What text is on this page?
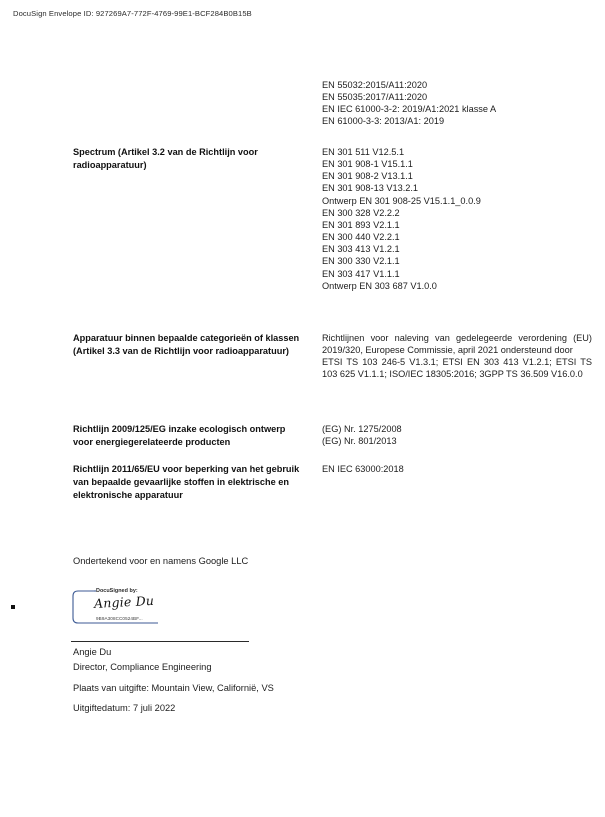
DocuSign Envelope ID: 927269A7-772F-4769-99E1-BCF284B0B15B
EN 55032:2015/A11:2020
EN 55035:2017/A11:2020
EN IEC 61000-3-2: 2019/A1:2021 klasse A
EN 61000-3-3: 2013/A1: 2019
Spectrum (Artikel 3.2 van de Richtlijn voor radioapparatuur)
EN 301 511 V12.5.1
EN 301 908-1 V15.1.1
EN 301 908-2 V13.1.1
EN 301 908-13 V13.2.1
Ontwerp EN 301 908-25 V15.1.1_0.0.9
EN 300 328 V2.2.2
EN 301 893 V2.1.1
EN 300 440 V2.2.1
EN 303 413 V1.2.1
EN 300 330 V2.1.1
EN 303 417 V1.1.1
Ontwerp EN 303 687 V1.0.0
Apparatuur binnen bepaalde categorieën of klassen (Artikel 3.3 van de Richtlijn voor radioapparatuur)
Richtlijnen voor naleving van gedelegeerde verordening (EU) 2019/320, Europese Commissie, april 2021 ondersteund door
ETSI TS 103 246-5 V1.3.1; ETSI EN 303 413 V1.2.1; ETSI TS 103 625 V1.1.1; ISO/IEC 18305:2016; 3GPP TS 36.509 V16.0.0
Richtlijn 2009/125/EG inzake ecologisch ontwerp voor energiegerelateerde producten
(EG) Nr. 1275/2008
(EG) Nr. 801/2013
Richtlijn 2011/65/EU voor beperking van het gebruik van bepaalde gevaarlijke stoffen in elektrische en elektronische apparatuur
EN IEC 63000:2018
Ondertekend voor en namens Google LLC
DocuSigned by:
Angie Du
9B9A308CC0524BF...
Angie Du
Director, Compliance Engineering
Plaats van uitgifte: Mountain View, Californië, VS
Uitgiftedatum: 7 juli 2022
